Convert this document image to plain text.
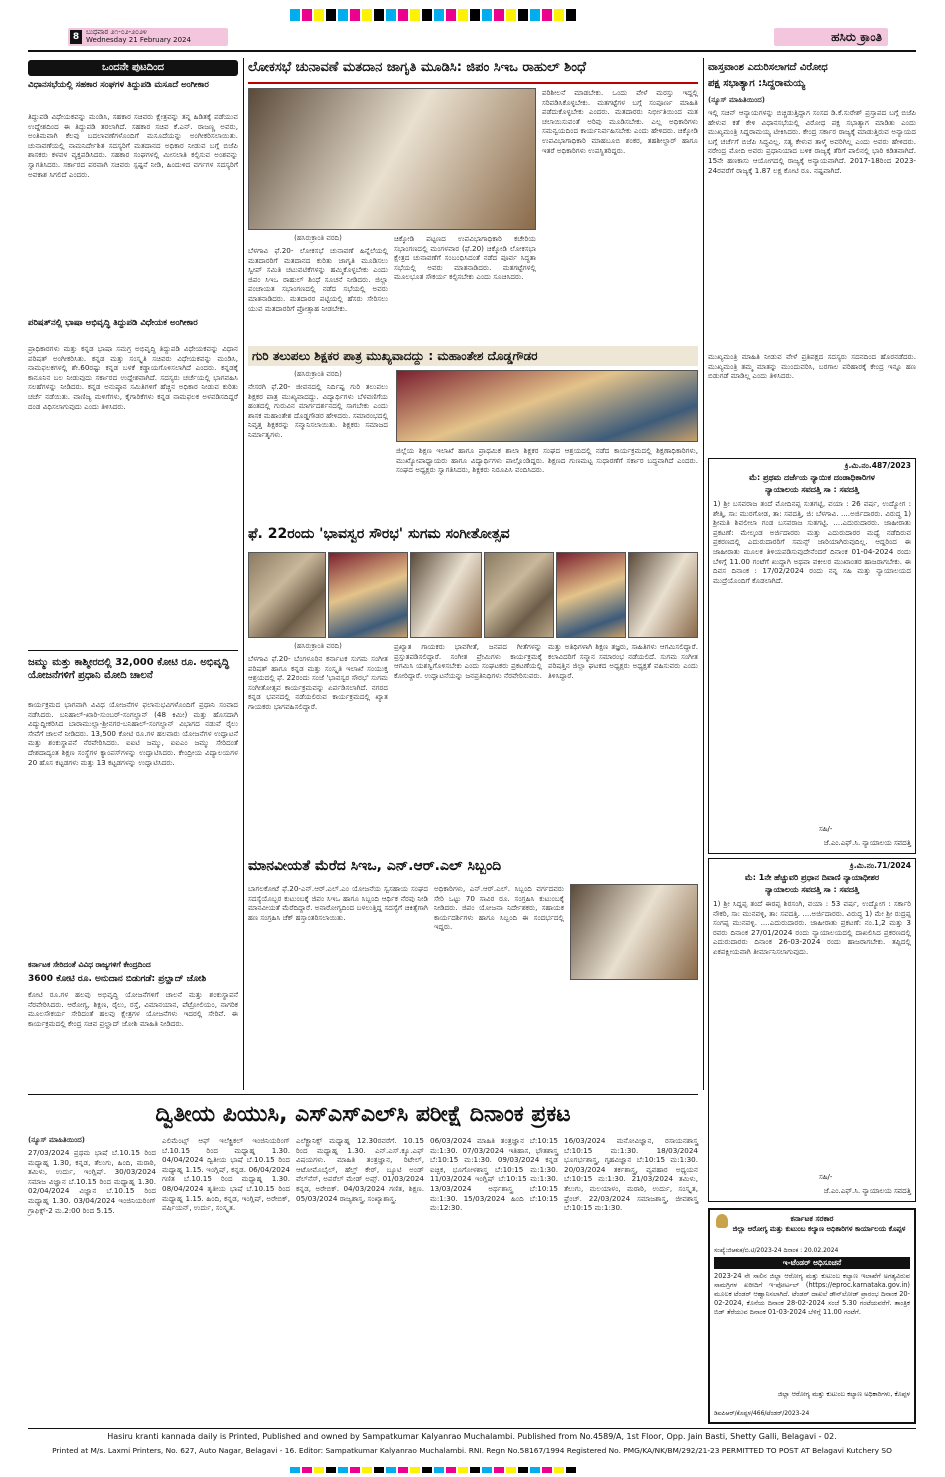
8 ಬುಧವಾರ ೨೧-೦೨-೨೦೨೪
Wednesday 21 February 2024	ಹಸಿರು ಕ್ರಾಂತಿ
ಒಂದನೇ ಪುಟದಿಂದ
ವಿಧಾನಸಭೆಯಲ್ಲಿ ಸಹಕಾರ ಸಂಘಗಳ ತಿದ್ದುಪಡಿ ಮಸೂದೆ ಅಂಗೀಕಾರ
ತಿದ್ದುಪಡಿ ವಿಧೇಯಕವನ್ನು ಮಂಡಿಸಿ, ಸಹಕಾರ ಸಚಿವರು ಕ್ಷೇತ್ರವನ್ನು ತನ್ನ ಹಿಡಿತಕ್ಕೆ ಪಡೆಯುವ ಉದ್ದೇಶದಿಂದ ಈ ತಿದ್ದುಪಡಿ ತರಲಾಗಿದೆ. ಸಹಕಾರ ಸಚಿವ ಕೆ.ಎನ್. ರಾಜಣ್ಣ ಅವರು, ಅಂತಿಮವಾಗಿ ಕೆಲವು ಬದಲಾವಣೆಗಳೊಂದಿಗೆ ಮಸೂದೆಯನ್ನು ಅಂಗೀಕರಿಸಲಾಯಿತು. ಚುನಾವಣೆಯಲ್ಲಿ ನಾಮನಿರ್ದೇಶಿತ ಸದಸ್ಯರಿಗೆ ಮತದಾನದ ಅಧಿಕಾರ ನೀಡುವ ಬಗ್ಗೆ ಬಿಜೆಪಿ ಶಾಸಕರು ಕಳವಳ ವ್ಯಕ್ತಪಡಿಸಿದರು. ಸಹಕಾರ ಸಂಘಗಳಲ್ಲಿ ಮೀಸಲಾತಿ ಕಲ್ಪಿಸುವ ಅಂಶವನ್ನು ಸ್ವಾಗತಿಸಿದರು. ಸರ್ಕಾರದ ಪರವಾಗಿ ಸಚಿವರು ಸ್ಪಷ್ಟನೆ ನೀಡಿ, ಹಿಂದುಳಿದ ವರ್ಗಗಳ ಸದಸ್ಯರಿಗೆ ಅವಕಾಶ ಸಿಗಲಿದೆ ಎಂದರು.
ಪರಿಷತ್‌ನಲ್ಲಿ ಭಾಷಾ ಅಭಿವೃದ್ಧಿ ತಿದ್ದುಪಡಿ ವಿಧೇಯಕ ಅಂಗೀಕಾರ
ಪ್ರಾಧಿಕಾರಗಳು ಮತ್ತು ಕನ್ನಡ ಭಾಷಾ ಸಮಗ್ರ ಅಭಿವೃದ್ಧಿ ತಿದ್ದುಪಡಿ ವಿಧೇಯಕವನ್ನು ವಿಧಾನ ಪರಿಷತ್ ಅಂಗೀಕರಿಸಿತು. ಕನ್ನಡ ಮತ್ತು ಸಂಸ್ಕೃತಿ ಸಚಿವರು ವಿಧೇಯಕವನ್ನು ಮಂಡಿಸಿ, ನಾಮಫಲಕಗಳಲ್ಲಿ ಶೇ.60ರಷ್ಟು ಕನ್ನಡ ಬಳಕೆ ಕಡ್ಡಾಯಗೊಳಿಸಲಾಗಿದೆ ಎಂದರು. ಕನ್ನಡಕ್ಕೆ ಕಾನೂನಿನ ಬಲ ನೀಡುವುದು ಸರ್ಕಾರದ ಉದ್ದೇಶವಾಗಿದೆ. ಸದಸ್ಯರು ಚರ್ಚೆಯಲ್ಲಿ ಭಾಗವಹಿಸಿ ಸಲಹೆಗಳನ್ನು ನೀಡಿದರು. ಕನ್ನಡ ಅನುಷ್ಠಾನ ಸಮಿತಿಗಳಿಗೆ ಹೆಚ್ಚಿನ ಅಧಿಕಾರ ನೀಡುವ ಕುರಿತು ಚರ್ಚೆ ನಡೆಯಿತು. ವಾಣಿಜ್ಯ ಮಳಿಗೆಗಳು, ಕೈಗಾರಿಕೆಗಳು ಕನ್ನಡ ನಾಮಫಲಕ ಅಳವಡಿಸದಿದ್ದರೆ ದಂಡ ವಿಧಿಸಲಾಗುವುದು ಎಂದು ತಿಳಿಸಿದರು.
ಜಮ್ಮು ಮತ್ತು ಕಾಶ್ಮೀರದಲ್ಲಿ 32,000 ಕೋಟಿ ರೂ. ಅಭಿವೃದ್ಧಿ ಯೋಜನೆಗಳಿಗೆ ಪ್ರಧಾನಿ ಮೋದಿ ಚಾಲನೆ
ಕಾರ್ಯಕ್ರಮದ ಭಾಗವಾಗಿ ವಿವಿಧ ಯೋಜನೆಗಳ ಫಲಾನುಭವಿಗಳೊಂದಿಗೆ ಪ್ರಧಾನಿ ಸಂವಾದ ನಡೆಸಿದರು. ಬನಿಹಾಲ್-ಖಾರಿ-ಸುಂಬರ್-ಸಂಗಲ್ದಾನ್ (48 ಕಿಮೀ) ಮತ್ತು ಹೊಸದಾಗಿ ವಿದ್ಯುದ್ದೀಕರಿಸಿದ ಬಾರಾಮುಲ್ಲಾ-ಶ್ರೀನಗರ-ಬನಿಹಾಲ್-ಸಂಗಲ್ದಾನ್ ವಿಭಾಗದ ನಡುವೆ ರೈಲು ಸೇವೆಗೆ ಚಾಲನೆ ನೀಡಿದರು. 13,500 ಕೋಟಿ ರೂ.ಗಳ ಹಲವಾರು ಯೋಜನೆಗಳ ಉದ್ಘಾಟನೆ ಮತ್ತು ಶಂಕುಸ್ಥಾಪನೆ ನೆರವೇರಿಸಿದರು. ಐಐಟಿ ಜಮ್ಮು, ಐಐಎಂ ಜಮ್ಮು ಸೇರಿದಂತೆ ದೇಶದಾದ್ಯಂತ ಶಿಕ್ಷಣ ಸಂಸ್ಥೆಗಳ ಕ್ಯಾಂಪಸ್‌ಗಳನ್ನು ಉದ್ಘಾಟಿಸಿದರು. ಕೇಂದ್ರೀಯ ವಿದ್ಯಾಲಯಗಳ 20 ಹೊಸ ಕಟ್ಟಡಗಳು ಮತ್ತು 13 ಕಟ್ಟಡಗಳನ್ನು ಉದ್ಘಾಟಿಸಿದರು.
ಕರ್ನಾಟಕ ಸೇರಿದಂತೆ ವಿವಿಧ ರಾಜ್ಯಗಳಿಗೆ ಕೇಂದ್ರದಿಂದ
3600 ಕೋಟಿ ರೂ. ಅನುದಾನ ಬಿಡುಗಡೆ: ಪ್ರಲ್ಹಾದ್ ಜೋಶಿ
ಕೋಟಿ ರೂ.ಗಳ ಹಲವು ಅಭಿವೃದ್ಧಿ ಯೋಜನೆಗಳಿಗೆ ಚಾಲನೆ ಮತ್ತು ಶಂಕುಸ್ಥಾಪನೆ ನೆರವೇರಿಸಿದರು. ಆರೋಗ್ಯ, ಶಿಕ್ಷಣ, ರೈಲು, ರಸ್ತೆ, ವಿಮಾನಯಾನ, ಪೆಟ್ರೋಲಿಯಂ, ನಾಗರಿಕ ಮೂಲಸೌಕರ್ಯ ಸೇರಿದಂತೆ ಹಲವು ಕ್ಷೇತ್ರಗಳ ಯೋಜನೆಗಳು ಇದರಲ್ಲಿ ಸೇರಿವೆ. ಈ ಕಾರ್ಯಕ್ರಮದಲ್ಲಿ ಕೇಂದ್ರ ಸಚಿವ ಪ್ರಲ್ಹಾದ್ ಜೋಶಿ ಮಾಹಿತಿ ನೀಡಿದರು.
ಲೋಕಸಭೆ ಚುನಾವಣೆ ಮತದಾನ ಜಾಗೃತಿ ಮೂಡಿಸಿ: ಜಿಪಂ ಸಿಇಒ ರಾಹುಲ್ ಶಿಂಧೆ
ಪರಿಶೀಲನೆ ಮಾಡಬೇಕು. ಒಂದು ವೇಳೆ ಮರಸ್ತು ಇದ್ದಲ್ಲಿ ಸರಿಪಡಿಸಿಕೊಳ್ಳಬೇಕು. ಮತಗಟ್ಟೆಗಳ ಬಗ್ಗೆ ಸಂಪೂರ್ಣ ಮಾಹಿತಿ ಪಡೆದುಕೊಳ್ಳಬೇಕು ಎಂದರು. ಮತದಾರರು ನಿರ್ಭೀತಿಯಿಂದ ಮತ ಚಲಾಯಿಸುವಂತೆ ಅರಿವು ಮೂಡಿಸಬೇಕು. ಎಲ್ಲ ಅಧಿಕಾರಿಗಳು ಸಮನ್ವಯದಿಂದ ಕಾರ್ಯನಿರ್ವಹಿಸಬೇಕು ಎಂದು ಹೇಳಿದರು. ಚಿಕ್ಕೋಡಿ ಉಪವಿಭಾಗಾಧಿಕಾರಿ ಮಾಹಬೂಬಿ ಶಂಕರ, ತಹಶೀಲ್ದಾರ್ ಹಾಗೂ ಇತರೆ ಅಧಿಕಾರಿಗಳು ಉಪಸ್ಥಿತರಿದ್ದರು.
(ಹಸಿರುಕ್ರಾಂತಿ ವರದಿ)
ಬೆಳಗಾವಿ ಫೆ.20- ಲೋಕಸಭೆ ಚುನಾವಣೆ ಹಿನ್ನೆಲೆಯಲ್ಲಿ ಮತದಾರರಿಗೆ ಮತದಾನದ ಕುರಿತು ಜಾಗೃತಿ ಮೂಡಿಸಲು ಸ್ವೀಪ್ ಸಮಿತಿ ಚಟುವಟಿಕೆಗಳನ್ನು ಹಮ್ಮಿಕೊಳ್ಳಬೇಕು ಎಂದು ಜಿಪಂ ಸಿಇಒ ರಾಹುಲ್ ಶಿಂಧೆ ಸೂಚನೆ ನೀಡಿದರು. ಜಿಲ್ಲಾ ಪಂಚಾಯತ ಸಭಾಂಗಣದಲ್ಲಿ ನಡೆದ ಸಭೆಯಲ್ಲಿ ಅವರು ಮಾತನಾಡಿದರು. ಮತದಾರರ ಪಟ್ಟಿಯಲ್ಲಿ ಹೆಸರು ಸೇರಿಸಲು ಯುವ ಮತದಾರರಿಗೆ ಪ್ರೋತ್ಸಾಹ ನೀಡಬೇಕು.
ಚಿಕ್ಕೋಡಿ ಪಟ್ಟಣದ ಉಪವಿಭಾಗಾಧಿಕಾರಿ ಕಚೇರಿಯ ಸಭಾಂಗಣದಲ್ಲಿ ಮಂಗಳವಾರ (ಫೆ.20) ಚಿಕ್ಕೋಡಿ ಲೋಕಸಭಾ ಕ್ಷೇತ್ರದ ಚುನಾವಣೆಗೆ ಸಂಬಂಧಿಸಿದಂತೆ ನಡೆದ ಪೂರ್ವ ಸಿದ್ಧತಾ ಸಭೆಯಲ್ಲಿ ಅವರು ಮಾತನಾಡಿದರು. ಮತಗಟ್ಟೆಗಳಲ್ಲಿ ಮೂಲಭೂತ ಸೌಕರ್ಯ ಕಲ್ಪಿಸಬೇಕು ಎಂದು ಸೂಚಿಸಿದರು.
ಗುರಿ ತಲುಪಲು ಶಿಕ್ಷಕರ ಪಾತ್ರ ಮುಖ್ಯವಾದದ್ದು : ಮಹಾಂತೇಶ ದೊಡ್ಡಗೌಡರ
(ಹಸಿರುಕ್ರಾಂತಿ ವರದಿ)
ನೇಸರಗಿ ಫೆ.20- ಜೀವನದಲ್ಲಿ ನಿರ್ದಿಷ್ಟ ಗುರಿ ತಲುಪಲು ಶಿಕ್ಷಕರ ಪಾತ್ರ ಮುಖ್ಯವಾದದ್ದು. ವಿದ್ಯಾರ್ಥಿಗಳು ಬೆಳವಣಿಗೆಯ ಹಂತದಲ್ಲಿ ಗುರುವಿನ ಮಾರ್ಗದರ್ಶನದಲ್ಲಿ ಸಾಗಬೇಕು ಎಂದು ಶಾಸಕ ಮಹಾಂತೇಶ ದೊಡ್ಡಗೌಡರ ಹೇಳಿದರು. ಸಮಾರಂಭದಲ್ಲಿ ನಿವೃತ್ತ ಶಿಕ್ಷಕರನ್ನು ಸನ್ಮಾನಿಸಲಾಯಿತು. ಶಿಕ್ಷಕರು ಸಮಾಜದ ನಿರ್ಮಾತೃಗಳು.
ಜಿಲ್ಲೆಯ ಶಿಕ್ಷಣ ಇಲಾಖೆ ಹಾಗೂ ಪ್ರಾಥಮಿಕ ಶಾಲಾ ಶಿಕ್ಷಕರ ಸಂಘದ ಆಶ್ರಯದಲ್ಲಿ ನಡೆದ ಕಾರ್ಯಕ್ರಮದಲ್ಲಿ ಶಿಕ್ಷಣಾಧಿಕಾರಿಗಳು, ಮುಖ್ಯೋಪಾಧ್ಯಾಯರು ಹಾಗೂ ವಿದ್ಯಾರ್ಥಿಗಳು ಪಾಲ್ಗೊಂಡಿದ್ದರು. ಶಿಕ್ಷಣದ ಗುಣಮಟ್ಟ ಸುಧಾರಣೆಗೆ ಸರ್ಕಾರ ಬದ್ಧವಾಗಿದೆ ಎಂದರು. ಸಂಘದ ಅಧ್ಯಕ್ಷರು ಸ್ವಾಗತಿಸಿದರು, ಶಿಕ್ಷಕರು ನಿರೂಪಿಸಿ ವಂದಿಸಿದರು.
ಫೆ. 22ರಂದು 'ಭಾವಸ್ವರ ಸೌರಭ' ಸುಗಮ ಸಂಗೀತೋತ್ಸವ
(ಹಸಿರುಕ್ರಾಂತಿ ವರದಿ)
ಬೆಳಗಾವಿ ಫೆ.20- ಬೆಂಗಳೂರಿನ ಕರ್ನಾಟಕ ಸುಗಮ ಸಂಗೀತ ಪರಿಷತ್ ಹಾಗೂ ಕನ್ನಡ ಮತ್ತು ಸಂಸ್ಕೃತಿ ಇಲಾಖೆ ಸಂಯುಕ್ತ ಆಶ್ರಯದಲ್ಲಿ ಫೆ. 22ರಂದು ಸಂಜೆ 'ಭಾವಸ್ವರ ಸೌರಭ' ಸುಗಮ ಸಂಗೀತೋತ್ಸವ ಕಾರ್ಯಕ್ರಮವನ್ನು ಏರ್ಪಡಿಸಲಾಗಿದೆ. ನಗರದ ಕನ್ನಡ ಭವನದಲ್ಲಿ ನಡೆಯಲಿರುವ ಕಾರ್ಯಕ್ರಮದಲ್ಲಿ ಖ್ಯಾತ ಗಾಯಕರು ಭಾಗವಹಿಸಲಿದ್ದಾರೆ.
ಪ್ರಖ್ಯಾತ ಗಾಯಕರು ಭಾವಗೀತೆ, ಜನಪದ ಗೀತೆಗಳನ್ನು ಪ್ರಸ್ತುತಪಡಿಸಲಿದ್ದಾರೆ. ಸಂಗೀತ ಪ್ರೇಮಿಗಳು ಕಾರ್ಯಕ್ರಮಕ್ಕೆ ಆಗಮಿಸಿ ಯಶಸ್ವಿಗೊಳಿಸಬೇಕು ಎಂದು ಸಂಘಟಕರು ಪ್ರಕಟಣೆಯಲ್ಲಿ ಕೋರಿದ್ದಾರೆ. ಉದ್ಘಾಟನೆಯನ್ನು ಜನಪ್ರತಿನಿಧಿಗಳು ನೆರವೇರಿಸುವರು.
ಮತ್ತು ಅತಿಥಿಗಳಾಗಿ ಶಿಕ್ಷಣ ತಜ್ಞರು, ಸಾಹಿತಿಗಳು ಆಗಮಿಸಲಿದ್ದಾರೆ. ಕಲಾವಿದರಿಗೆ ಸನ್ಮಾನ ಸಮಾರಂಭ ನಡೆಯಲಿದೆ. ಸುಗಮ ಸಂಗೀತ ಪರಿಷತ್ತಿನ ಜಿಲ್ಲಾ ಘಟಕದ ಅಧ್ಯಕ್ಷರು ಅಧ್ಯಕ್ಷತೆ ವಹಿಸುವರು ಎಂದು ತಿಳಿಸಿದ್ದಾರೆ.
ಮಾನವೀಯತೆ ಮೆರೆದ ಸಿಇಒ, ಎನ್.ಆರ್.ಎಲ್ ಸಿಬ್ಬಂದಿ
ಬಾಗಲಕೋಟೆ ಫೆ.20-ಎನ್.ಆರ್.ಎಲ್.ಎಂ ಯೋಜನೆಯ ಸ್ವಸಹಾಯ ಸಂಘದ ಸದಸ್ಯೆಯೊಬ್ಬರ ಕುಟುಂಬಕ್ಕೆ ಜಿಪಂ ಸಿಇಒ ಹಾಗೂ ಸಿಬ್ಬಂದಿ ಆರ್ಥಿಕ ನೆರವು ನೀಡಿ ಮಾನವೀಯತೆ ಮೆರೆದಿದ್ದಾರೆ. ಅನಾರೋಗ್ಯದಿಂದ ಬಳಲುತ್ತಿದ್ದ ಸದಸ್ಯೆಗೆ ಚಿಕಿತ್ಸೆಗಾಗಿ ಹಣ ಸಂಗ್ರಹಿಸಿ ಚೆಕ್ ಹಸ್ತಾಂತರಿಸಲಾಯಿತು.
ಅಧಿಕಾರಿಗಳು, ಎನ್.ಆರ್.ಎಲ್. ಸಿಬ್ಬಂದಿ ವರ್ಗದವರು ಸೇರಿ ಒಟ್ಟು 70 ಸಾವಿರ ರೂ. ಸಂಗ್ರಹಿಸಿ ಕುಟುಂಬಕ್ಕೆ ನೀಡಿದರು. ಜಿಪಂ ಯೋಜನಾ ನಿರ್ದೇಶಕರು, ಸಹಾಯಕ ಕಾರ್ಯದರ್ಶಿಗಳು ಹಾಗೂ ಸಿಬ್ಬಂದಿ ಈ ಸಂದರ್ಭದಲ್ಲಿ ಇದ್ದರು.
ವಾಸ್ತವಾಂಶ ಎದುರಿಸಲಾಗದೆ ವಿರೋಧ
ಪಕ್ಷ ಸಭಾತ್ಯಾಗ :ಸಿದ್ದರಾಮಯ್ಯ
(ನ್ಯೂಸ್ ಮಾಹಿತಿಯಿಂದ)
ಇಲ್ಲಿ ಸಚಿನ್ ಆನ್ಯಾಯಗಳನ್ನು ಬಿಚ್ಚಿಡುತ್ತಿದ್ದಾಗ ಸಂಸದ ಡಿ.ಕೆ.ಸುರೇಶ್ ಪ್ರಸ್ತಾಪದ ಬಗ್ಗೆ ಬಿಜೆಪಿ ಹೇಳುವ ಕತೆ ಕೇಳಿ ವಿಧಾನಸಭೆಯಲ್ಲಿ ವಿರೋಧ ಪಕ್ಷ ಸಭಾತ್ಯಾಗ ಮಾಡಿತು ಎಂದು ಮುಖ್ಯಮಂತ್ರಿ ಸಿದ್ದರಾಮಯ್ಯ ಟೀಕಿಸಿದರು. ಕೇಂದ್ರ ಸರ್ಕಾರ ರಾಜ್ಯಕ್ಕೆ ಮಾಡುತ್ತಿರುವ ಅನ್ಯಾಯದ ಬಗ್ಗೆ ಚರ್ಚೆಗೆ ಬಿಜೆಪಿ ಸಿದ್ಧವಿಲ್ಲ. ಸತ್ಯ ಕೇಳುವ ತಾಳ್ಮೆ ಅವರಿಗಿಲ್ಲ ಎಂದು ಅವರು ಹೇಳಿದರು. ನರೇಂದ್ರ ಮೋದಿ ಅವರು ಪ್ರಧಾನಿಯಾದ ಬಳಿಕ ರಾಜ್ಯಕ್ಕೆ ತೆರಿಗೆ ಪಾಲಿನಲ್ಲಿ ಭಾರಿ ಕಡಿತವಾಗಿದೆ. 15ನೇ ಹಣಕಾಸು ಆಯೋಗದಲ್ಲಿ ರಾಜ್ಯಕ್ಕೆ ಅನ್ಯಾಯವಾಗಿದೆ. 2017-18ರಿಂದ 2023-24ರವರೆಗೆ ರಾಜ್ಯಕ್ಕೆ 1.87 ಲಕ್ಷ ಕೋಟಿ ರೂ. ನಷ್ಟವಾಗಿದೆ.
ಮುಖ್ಯಮಂತ್ರಿ ಮಾಹಿತಿ ನೀಡುವ ವೇಳೆ ಪ್ರತಿಪಕ್ಷದ ಸದಸ್ಯರು ಸದನದಿಂದ ಹೊರನಡೆದರು. ಮುಖ್ಯಮಂತ್ರಿ ತಮ್ಮ ಮಾತನ್ನು ಮುಂದುವರಿಸಿ, ಬರಗಾಲ ಪರಿಹಾರಕ್ಕೆ ಕೇಂದ್ರ ಇನ್ನೂ ಹಣ ಬಿಡುಗಡೆ ಮಾಡಿಲ್ಲ ಎಂದು ತಿಳಿಸಿದರು.
ಕ್ರಿ.ಮಿ.ನಂ.487/2023
ಮೆ: ಪ್ರಥಮ ದರ್ಜೆಯ ನ್ಯಾಯಿಕ ದಂಡಾಧಿಕಾರಿಗಳ
ನ್ಯಾಯಾಲಯ ಸವದತ್ತಿ ಸಾ : ಸವದತ್ತಿ
1) ಶ್ರೀ ಬಸವರಾಜ ತಂದೆ ಮೋದಿನಪ್ಪ ಸುತಗಟ್ಟಿ, ವಯಾ : 26 ವರ್ಷ, ಉದ್ಯೋಗ : ಶೇತ್ಕಿ, ಸಾ: ಮುರಗೋಡ, ತಾ: ಸವದತ್ತಿ, ಜಿ: ಬೆಳಗಾವಿ. ....ಅರ್ಜಿದಾರರು. ವಿರುದ್ಧ 1) ಶ್ರೀಮತಿ ಶಿವಲೀಲಾ ಗಂಡ ಬಸವರಾಜ ಸುತಗಟ್ಟಿ. ....ಎದುರುದಾರರು. ಜಾಹೀರಾತು ಪ್ರಕಟಣೆ: ಮೇಲ್ಕಂಡ ಅರ್ಜಿದಾರರು ಮತ್ತು ಎದುರುದಾರರ ಮಧ್ಯೆ ನಡೆದಿರುವ ಪ್ರಕರಣದಲ್ಲಿ ಎದುರುದಾರರಿಗೆ ಸಮನ್ಸ್ ಜಾರಿಯಾಗಿರುವುದಿಲ್ಲ. ಆದ್ದರಿಂದ ಈ ಜಾಹೀರಾತು ಮೂಲಕ ತಿಳಿಯಪಡಿಸುವುದೇನೆಂದರೆ ದಿನಾಂಕ 01-04-2024 ರಂದು ಬೆಳಿಗ್ಗೆ 11.00 ಗಂಟೆಗೆ ಖುದ್ದಾಗಿ ಅಥವಾ ವಕೀಲರ ಮುಖಾಂತರ ಹಾಜರಾಗಬೇಕು. ಈ ದಿವಸ ದಿನಾಂಕ : 17/02/2024 ರಂದು ನನ್ನ ಸಹಿ ಮತ್ತು ನ್ಯಾಯಾಲಯದ ಮುದ್ರೆಯೊಂದಿಗೆ ಕೊಡಲಾಗಿದೆ.
ಸಹಿ/-
ಜೆ.ಎಂ.ಎಫ್.ಸಿ. ನ್ಯಾಯಾಲಯ ಸವದತ್ತಿ
ಕ್ರಿ.ಮಿ.ನಂ.71/2024
ಮೆ: 1ನೇ ಹೆಚ್ಚುವರಿ ಪ್ರಧಾನ ದಿವಾಣಿ ನ್ಯಾಯಾಧೀಶರ
ನ್ಯಾಯಾಲಯ ಸವದತ್ತಿ ಸಾ : ಸವದತ್ತಿ
1) ಶ್ರೀ ಸಿದ್ದಪ್ಪ ತಂದೆ ಈರಪ್ಪ ಶಿರಸಂಗಿ, ವಯಾ : 53 ವರ್ಷ, ಉದ್ಯೋಗ : ಸರ್ಕಾರಿ ನೌಕರಿ, ಸಾ: ಮುನವಳ್ಳಿ, ತಾ: ಸವದತ್ತಿ. ....ಅರ್ಜಿದಾರರು. ವಿರುದ್ಧ 1) ಮೇ ಶ್ರೀ ರುದ್ರಪ್ಪ ಸಂಗಪ್ಪ ಮುನವಳ್ಳಿ. ....ಎದುರುದಾರರು. ಜಾಹೀರಾತು ಪ್ರಕಟಣೆ: ನಂ.1,2 ಮತ್ತು 3 ರವರು ದಿನಾಂಕ 27/01/2024 ರಂದು ನ್ಯಾಯಾಲಯದಲ್ಲಿ ದಾಖಲಿಸಿದ ಪ್ರಕರಣದಲ್ಲಿ ಎದುರುದಾರರು ದಿನಾಂಕ 26-03-2024 ರಂದು ಹಾಜರಾಗಬೇಕು. ತಪ್ಪಿದಲ್ಲಿ ಏಕಪಕ್ಷೀಯವಾಗಿ ತೀರ್ಮಾನಿಸಲಾಗುವುದು.
ಸಹಿ/-
ಜೆ.ಎಂ.ಎಫ್.ಸಿ. ನ್ಯಾಯಾಲಯ ಸವದತ್ತಿ
ಕರ್ನಾಟಕ ಸರಕಾರ
ಜಿಲ್ಲಾ ಆರೋಗ್ಯ ಮತ್ತು ಕುಟುಂಬ ಕಲ್ಯಾಣ ಅಧಿಕಾರಿಗಳ ಕಾರ್ಯಾಲಯ ಕೊಪ್ಪಳ
ಸಂಖ್ಯೆ:ಜಿಆಕುಕ/ಬಿ.ಟಿ/2023-24 ದಿನಾಂಕ : 20.02.2024
ಇ-ಟೆಂಡರ್ ಅಧಿಸೂಚನೆ
2023-24 ನೇ ಸಾಲಿನ ಜಿಲ್ಲಾ ಆರೋಗ್ಯ ಮತ್ತು ಕುಟುಂಬ ಕಲ್ಯಾಣ ಇಲಾಖೆಗೆ ಅಗತ್ಯವಿರುವ ಸಾಮಗ್ರಿಗಳ ಖರೀದಿಗೆ ಇ-ಪೋರ್ಟಲ್ (https://eproc.karnataka.gov.in) ಮೂಲಕ ಟೆಂಡರ್ ಆಹ್ವಾನಿಸಲಾಗಿದೆ. ಟೆಂಡರ್ ದಾಖಲೆ ಡೌನ್‌ಲೋಡ್ ಪ್ರಾರಂಭ ದಿನಾಂಕ 20-02-2024, ಕೊನೆಯ ದಿನಾಂಕ 28-02-2024 ಸಂಜೆ 5.30 ಗಂಟೆಯವರೆಗೆ. ತಾಂತ್ರಿಕ ಬಿಡ್ ತೆರೆಯುವ ದಿನಾಂಕ 01-03-2024 ಬೆಳಿಗ್ಗೆ 11.00 ಗಂಟೆಗೆ.
ಜಿಲ್ಲಾ ಆರೋಗ್ಯ ಮತ್ತು ಕುಟುಂಬ ಕಲ್ಯಾಣ ಅಧಿಕಾರಿಗಳು, ಕೊಪ್ಪಳ
ಡಿಐಪಿಆರ್/ಕೊಪ್ಪಳ/466/ಟೆಂಡರ್/2023-24
ದ್ವಿತೀಯ ಪಿಯುಸಿ, ಎಸ್‌ಎಸ್‌ಎಲ್‌ಸಿ ಪರೀಕ್ಷೆ ದಿನಾಂಕ ಪ್ರಕಟ
(ನ್ಯೂಸ್ ಮಾಹಿತಿಯಿಂದ)
27/03/2024 ಪ್ರಥಮ ಭಾಷೆ ಬೆ.10.15 ರಿಂದ ಮಧ್ಯಾಹ್ನ 1.30, ಕನ್ನಡ, ತೆಲುಗು, ಹಿಂದಿ, ಮರಾಠಿ, ತಮಿಳು, ಉರ್ದು, ಇಂಗ್ಲಿಷ್. 30/03/2024 ಸಮಾಜ ವಿಜ್ಞಾನ ಬೆ.10.15 ರಿಂದ ಮಧ್ಯಾಹ್ನ 1.30. 02/04/2024 ವಿಜ್ಞಾನ ಬೆ.10.15 ರಿಂದ ಮಧ್ಯಾಹ್ನ 1.30. 03/04/2024 ಇಂಜಿನಿಯರಿಂಗ್ ಗ್ರಾಫಿಕ್ಸ್-2 ಮ.2:00 ರಿಂದ 5.15.
ಎಲಿಮೆಂಟ್ಸ್ ಆಫ್ ಇಲೆಕ್ಟ್ರಿಕಲ್ ಇಂಜಿನಿಯರಿಂಗ್ ಬೆ.10.15 ರಿಂದ ಮಧ್ಯಾಹ್ನ 1.30. 04/04/2024 ದ್ವಿತೀಯ ಭಾಷೆ ಬೆ.10.15 ರಿಂದ ಮಧ್ಯಾಹ್ನ 1.15. ಇಂಗ್ಲಿಷ್, ಕನ್ನಡ. 06/04/2024 ಗಣಿತ ಬೆ.10.15 ರಿಂದ ಮಧ್ಯಾಹ್ನ 1.30. 08/04/2024 ತೃತೀಯ ಭಾಷೆ ಬೆ.10.15 ರಿಂದ ಮಧ್ಯಾಹ್ನ 1.15. ಹಿಂದಿ, ಕನ್ನಡ, ಇಂಗ್ಲಿಷ್, ಅರೇಬಿಕ್, ಪರ್ಷಿಯನ್, ಉರ್ದು, ಸಂಸ್ಕೃತ.
ಎಲೆಕ್ಟ್ರಾನಿಕ್ಸ್ ಮಧ್ಯಾಹ್ನ 12.30ರವರೆಗೆ. 10.15 ರಿಂದ ಮಧ್ಯಾಹ್ನ 1.30. ಎನ್.ಎಸ್.ಕ್ಯೂ.ಎಫ್ ವಿಷಯಗಳು. ಮಾಹಿತಿ ತಂತ್ರಜ್ಞಾನ, ರಿಟೇಲ್, ಆಟೋಮೊಬೈಲ್, ಹೆಲ್ತ್ ಕೇರ್, ಬ್ಯೂಟಿ ಅಂಡ್ ವೆಲ್‌ನೆಸ್, ಅಪರೆಲ್ ಮೇಡ್ ಅಪ್ಸ್. 01/03/2024 ಕನ್ನಡ, ಅರೇಬಿಕ್. 04/03/2024 ಗಣಿತ, ಶಿಕ್ಷಣ. 05/03/2024 ರಾಜ್ಯಶಾಸ್ತ್ರ, ಸಂಖ್ಯಾಶಾಸ್ತ್ರ.
06/03/2024 ಮಾಹಿತಿ ತಂತ್ರಜ್ಞಾನ ಬೆ:10:15 ಮ:1:30. 07/03/2024 ಇತಿಹಾಸ, ಭೌತಶಾಸ್ತ್ರ ಬೆ:10:15 ಮ:1:30. 09/03/2024 ಕನ್ನಡ ಐಚ್ಛಿಕ, ಭೂಗೋಳಶಾಸ್ತ್ರ ಬೆ:10:15 ಮ:1:30. 11/03/2024 ಇಂಗ್ಲಿಷ್ ಬೆ:10:15 ಮ:1:30. 13/03/2024 ಅರ್ಥಶಾಸ್ತ್ರ ಬೆ:10:15 ಮ:1:30. 15/03/2024 ಹಿಂದಿ ಬೆ:10:15 ಮ:12:30.
16/03/2024 ಮನೋವಿಜ್ಞಾನ, ರಸಾಯನಶಾಸ್ತ್ರ ಬೆ:10:15 ಮ:1:30. 18/03/2024 ಭೂಗರ್ಭಶಾಸ್ತ್ರ, ಗೃಹವಿಜ್ಞಾನ ಬೆ:10:15 ಮ:1:30. 20/03/2024 ತರ್ಕಶಾಸ್ತ್ರ, ವ್ಯವಹಾರ ಅಧ್ಯಯನ ಬೆ:10:15 ಮ:1:30. 21/03/2024 ತಮಿಳು, ತೆಲುಗು, ಮಲಯಾಳಂ, ಮರಾಠಿ, ಉರ್ದು, ಸಂಸ್ಕೃತ, ಫ್ರೆಂಚ್. 22/03/2024 ಸಮಾಜಶಾಸ್ತ್ರ, ಜೀವಶಾಸ್ತ್ರ ಬೆ:10:15 ಮ:1:30.
Hasiru kranti kannada daily is Printed, Published and owned by Sampatkumar Kalyanrao Muchalambi. Published from No.4589/A, 1st Floor, Opp. Jain Basti, Shetty Galli, Belagavi - 02.
Printed at M/s. Laxmi Printers, No. 627, Auto Nagar, Belagavi - 16. Editor: Sampatkumar Kalyanrao Muchalambi. RNI. Regn No.58167/1994 Registered No. PMG/KA/NK/BM/292/21-23 PERMITTED TO POST AT Belagavi Kutchery SO
